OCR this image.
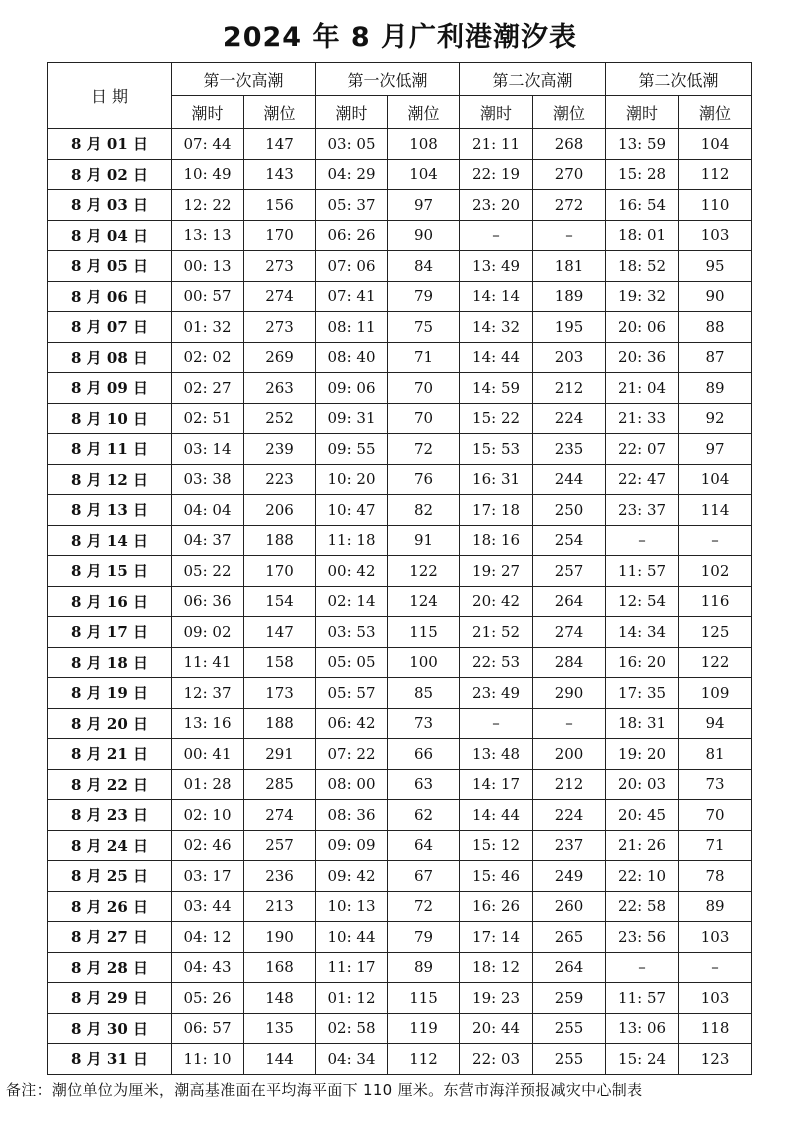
2024 年 8 月广利港潮汐表
日 期	第一次高潮		第一次低潮		第二次高潮		第二次低潮	
	潮时	潮位	潮时	潮位	潮时	潮位	潮时	潮位
8 月 01 日	07: 44	147	03: 05	108	21: 11	268	13: 59	104
8 月 02 日	10: 49	143	04: 29	104	22: 19	270	15: 28	112
8 月 03 日	12: 22	156	05: 37	97	23: 20	272	16: 54	110
8 月 04 日	13: 13	170	06: 26	90	–	–	18: 01	103
8 月 05 日	00: 13	273	07: 06	84	13: 49	181	18: 52	95
8 月 06 日	00: 57	274	07: 41	79	14: 14	189	19: 32	90
8 月 07 日	01: 32	273	08: 11	75	14: 32	195	20: 06	88
8 月 08 日	02: 02	269	08: 40	71	14: 44	203	20: 36	87
8 月 09 日	02: 27	263	09: 06	70	14: 59	212	21: 04	89
8 月 10 日	02: 51	252	09: 31	70	15: 22	224	21: 33	92
8 月 11 日	03: 14	239	09: 55	72	15: 53	235	22: 07	97
8 月 12 日	03: 38	223	10: 20	76	16: 31	244	22: 47	104
8 月 13 日	04: 04	206	10: 47	82	17: 18	250	23: 37	114
8 月 14 日	04: 37	188	11: 18	91	18: 16	254	–	–
8 月 15 日	05: 22	170	00: 42	122	19: 27	257	11: 57	102
8 月 16 日	06: 36	154	02: 14	124	20: 42	264	12: 54	116
8 月 17 日	09: 02	147	03: 53	115	21: 52	274	14: 34	125
8 月 18 日	11: 41	158	05: 05	100	22: 53	284	16: 20	122
8 月 19 日	12: 37	173	05: 57	85	23: 49	290	17: 35	109
8 月 20 日	13: 16	188	06: 42	73	–	–	18: 31	94
8 月 21 日	00: 41	291	07: 22	66	13: 48	200	19: 20	81
8 月 22 日	01: 28	285	08: 00	63	14: 17	212	20: 03	73
8 月 23 日	02: 10	274	08: 36	62	14: 44	224	20: 45	70
8 月 24 日	02: 46	257	09: 09	64	15: 12	237	21: 26	71
8 月 25 日	03: 17	236	09: 42	67	15: 46	249	22: 10	78
8 月 26 日	03: 44	213	10: 13	72	16: 26	260	22: 58	89
8 月 27 日	04: 12	190	10: 44	79	17: 14	265	23: 56	103
8 月 28 日	04: 43	168	11: 17	89	18: 12	264	–	–
8 月 29 日	05: 26	148	01: 12	115	19: 23	259	11: 57	103
8 月 30 日	06: 57	135	02: 58	119	20: 44	255	13: 06	118
8 月 31 日	11: 10	144	04: 34	112	22: 03	255	15: 24	123
备注：潮位单位为厘米，潮高基准面在平均海平面下 110 厘米。东营市海洋预报减灾中心制表
